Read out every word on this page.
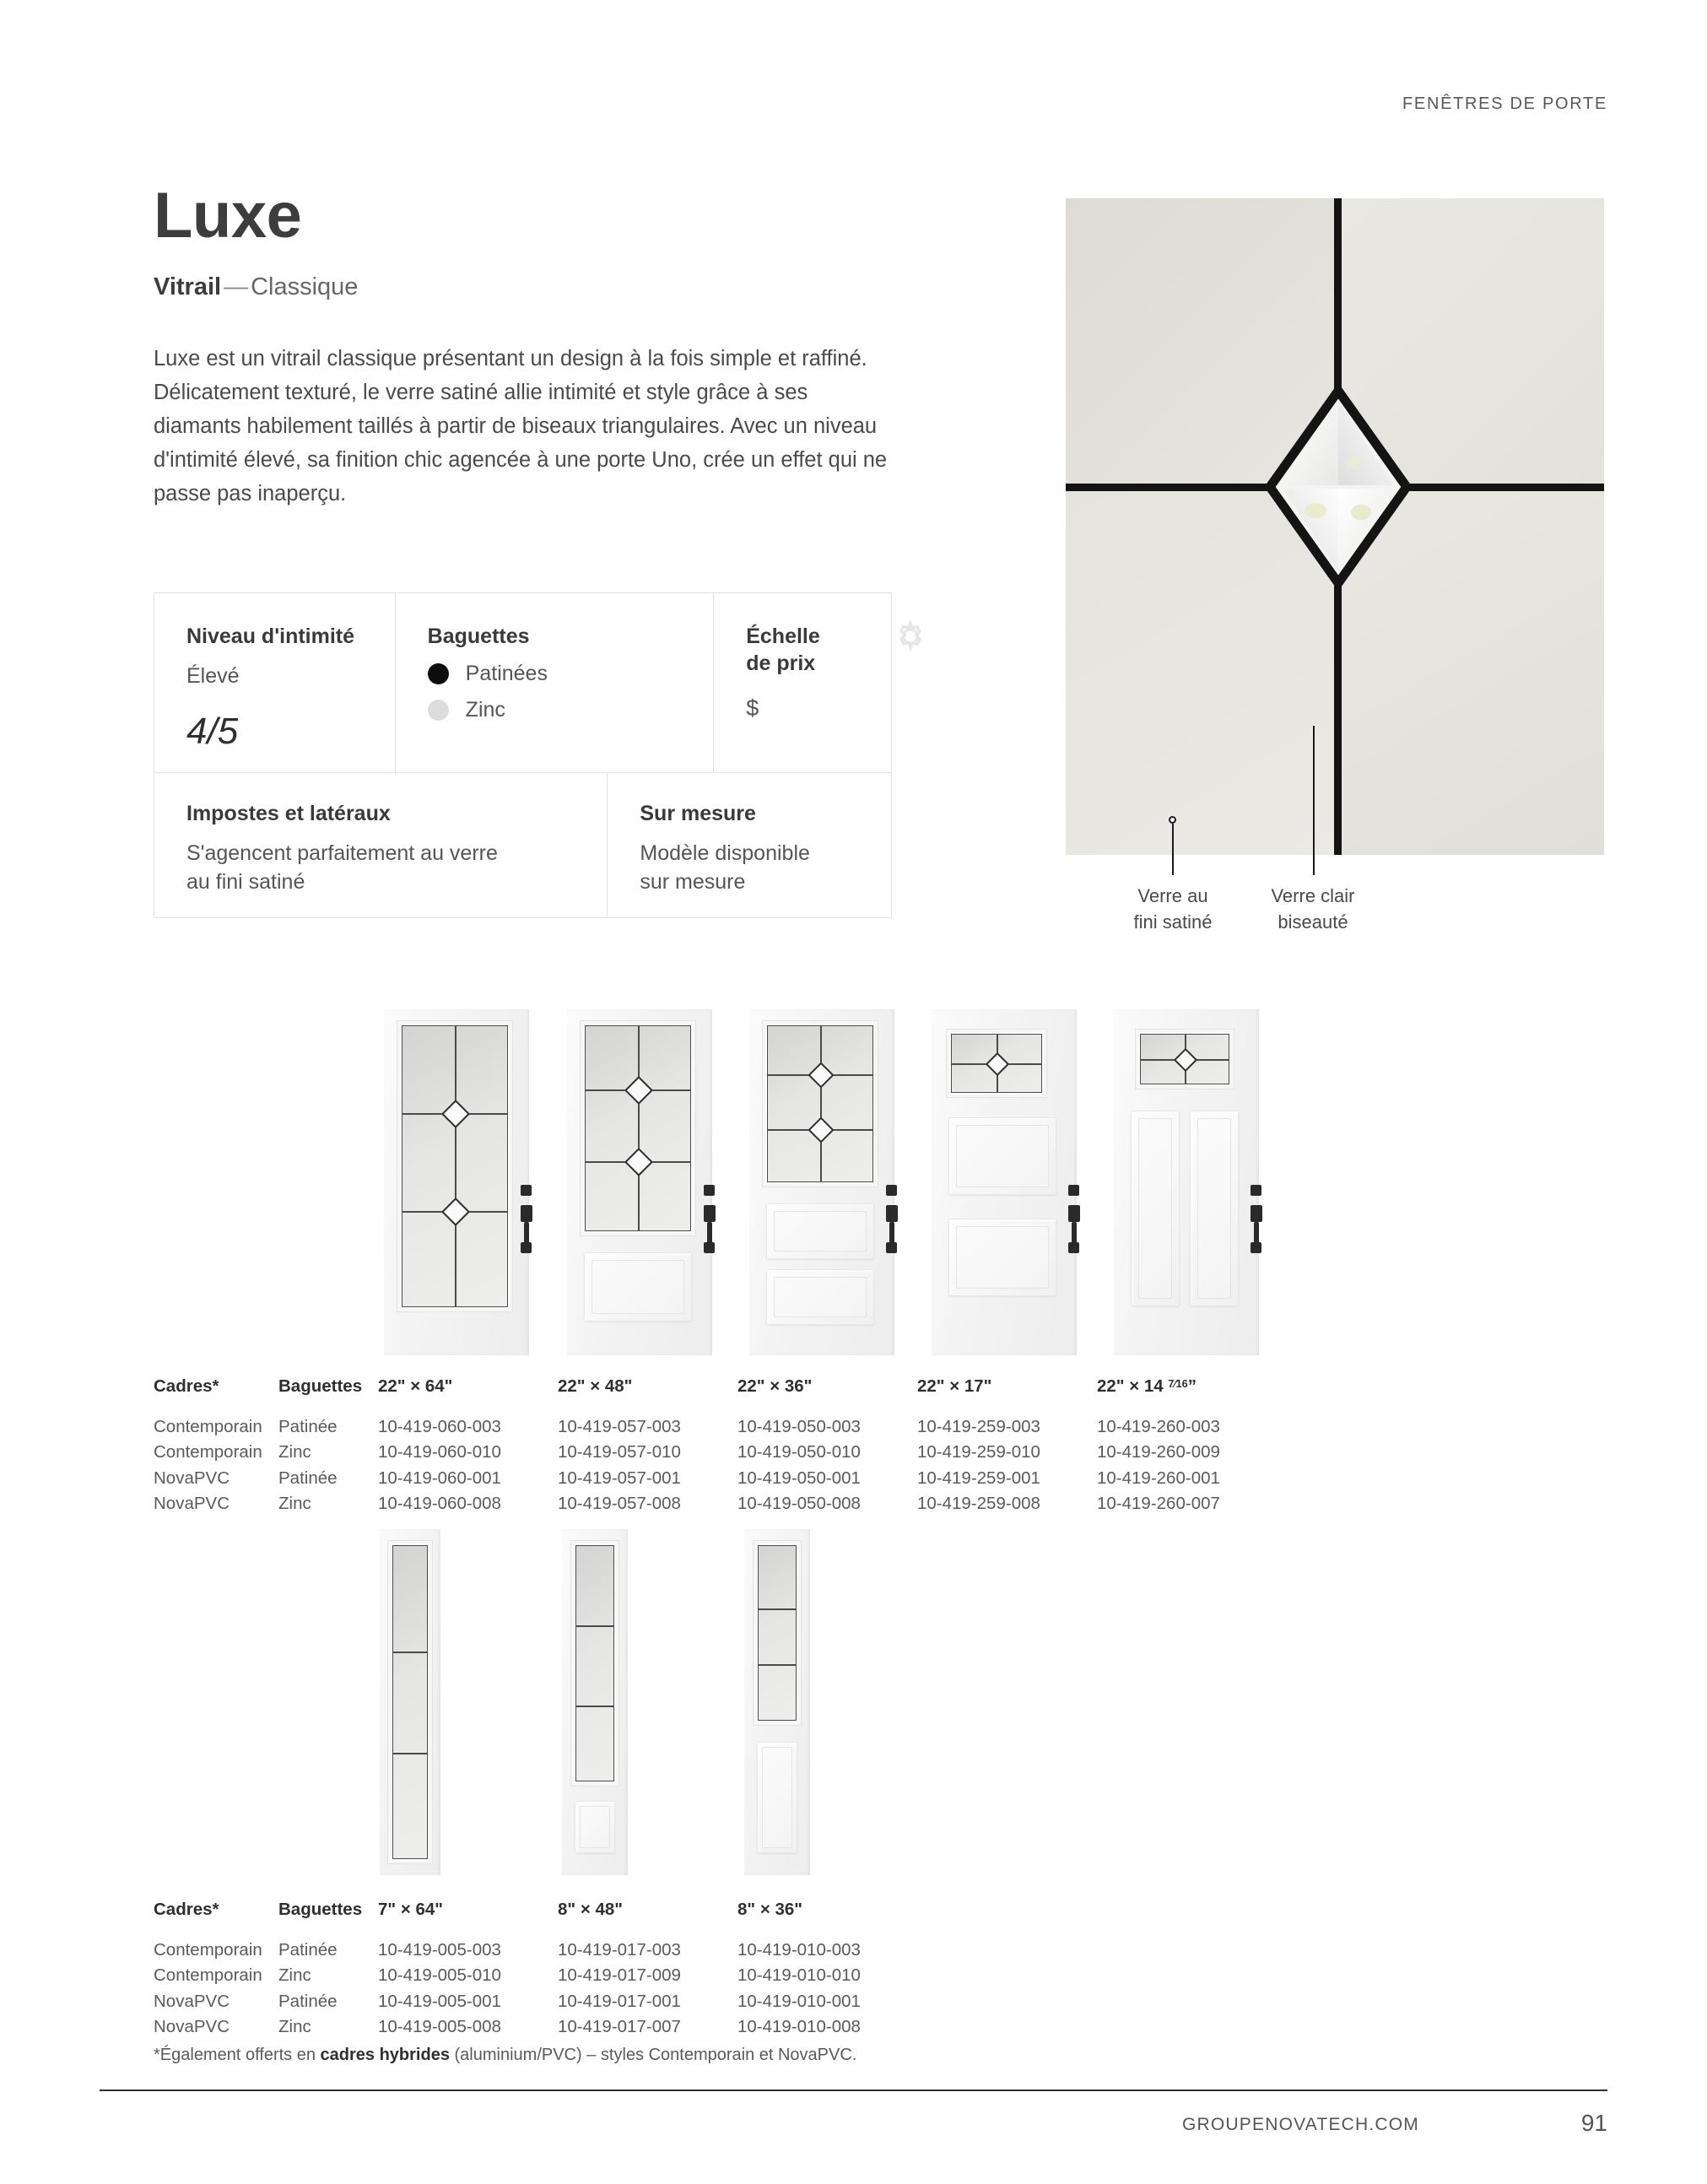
FENÊTRES DE PORTE
Luxe
Vitrail — Classique

Luxe est un vitrail classique présentant un design à la fois simple et raffiné. Délicatement texturé, le verre satiné allie intimité et style grâce à ses diamants habilement taillés à partir de biseaux triangulaires. Avec un niveau d'intimité élevé, sa finition chic agencée à une porte Uno, crée un effet qui ne passe pas inaperçu.

Niveau d'intimité
Élevé
4/5
Baguettes
Patinées
Zinc
Échelle
de prix
$
Impostes et latéraux
S'agencent parfaitement au verre
au fini satiné
Sur mesure
Modèle disponible
sur mesure
Verre au
fini satiné
Verre clair
biseauté
Cadres*	Baguettes 22" × 64"	22" × 48"	22" × 36"	22" × 17"	22" × 14 7⁄16”
Contemporain Patinée	10-419-060-003	10-419-057-003	10-419-050-003	10-419-259-003	10-419-260-003
Contemporain Zinc	10-419-060-010	10-419-057-010	10-419-050-010	10-419-259-010	10-419-260-009
NovaPVC	Patinée	10-419-060-001	10-419-057-001	10-419-050-001	10-419-259-001	10-419-260-001
NovaPVC	Zinc	10-419-060-008	10-419-057-008	10-419-050-008	10-419-259-008	10-419-260-007
Cadres*	Baguettes 7" × 64"	8" × 48"	8" × 36"
Contemporain Patinée	10-419-005-003	10-419-017-003	10-419-010-003
Contemporain Zinc	10-419-005-010	10-419-017-009	10-419-010-010
NovaPVC	Patinée	10-419-005-001	10-419-017-001	10-419-010-001
NovaPVC	Zinc	10-419-005-008	10-419-017-007	10-419-010-008
*Également offerts en cadres hybrides (aluminium/PVC) – styles Contemporain et NovaPVC.
GROUPENOVATECH.COM	91
